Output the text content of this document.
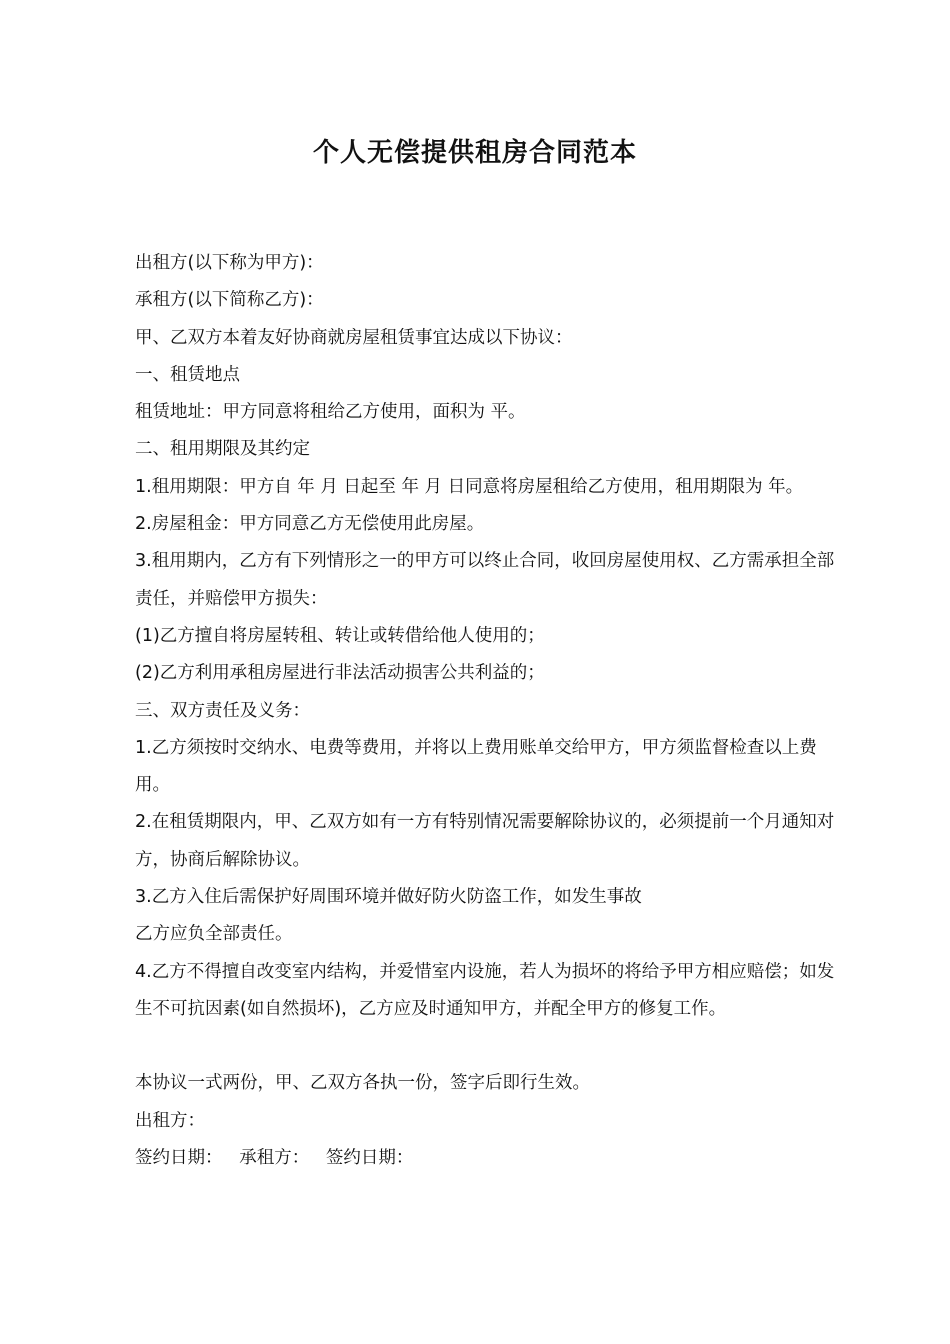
个人无偿提供租房合同范本

出租方(以下称为甲方)：

承租方(以下简称乙方)：

甲、乙双方本着友好协商就房屋租赁事宜达成以下协议：

一、租赁地点

租赁地址：甲方同意将租给乙方使用，面积为 平。

二、租用期限及其约定

1.租用期限：甲方自 年 月 日起至 年 月 日同意将房屋租给乙方使用，租用期限为 年。

2.房屋租金：甲方同意乙方无偿使用此房屋。

3.租用期内，乙方有下列情形之一的甲方可以终止合同，收回房屋使用权、乙方需承担全部责任，并赔偿甲方损失：

(1)乙方擅自将房屋转租、转让或转借给他人使用的；

(2)乙方利用承租房屋进行非法活动损害公共利益的；

三、双方责任及义务：

1.乙方须按时交纳水、电费等费用，并将以上费用账单交给甲方，甲方须监督检查以上费用。

2.在租赁期限内，甲、乙双方如有一方有特别情况需要解除协议的，必须提前一个月通知对方，协商后解除协议。

3.乙方入住后需保护好周围环境并做好防火防盗工作，如发生事故

乙方应负全部责任。

4.乙方不得擅自改变室内结构，并爱惜室内设施，若人为损坏的将给予甲方相应赔偿；如发生不可抗因素(如自然损坏)，乙方应及时通知甲方，并配全甲方的修复工作。

本协议一式两份，甲、乙双方各执一份，签字后即行生效。

出租方：

签约日期：   承租方：   签约日期：
